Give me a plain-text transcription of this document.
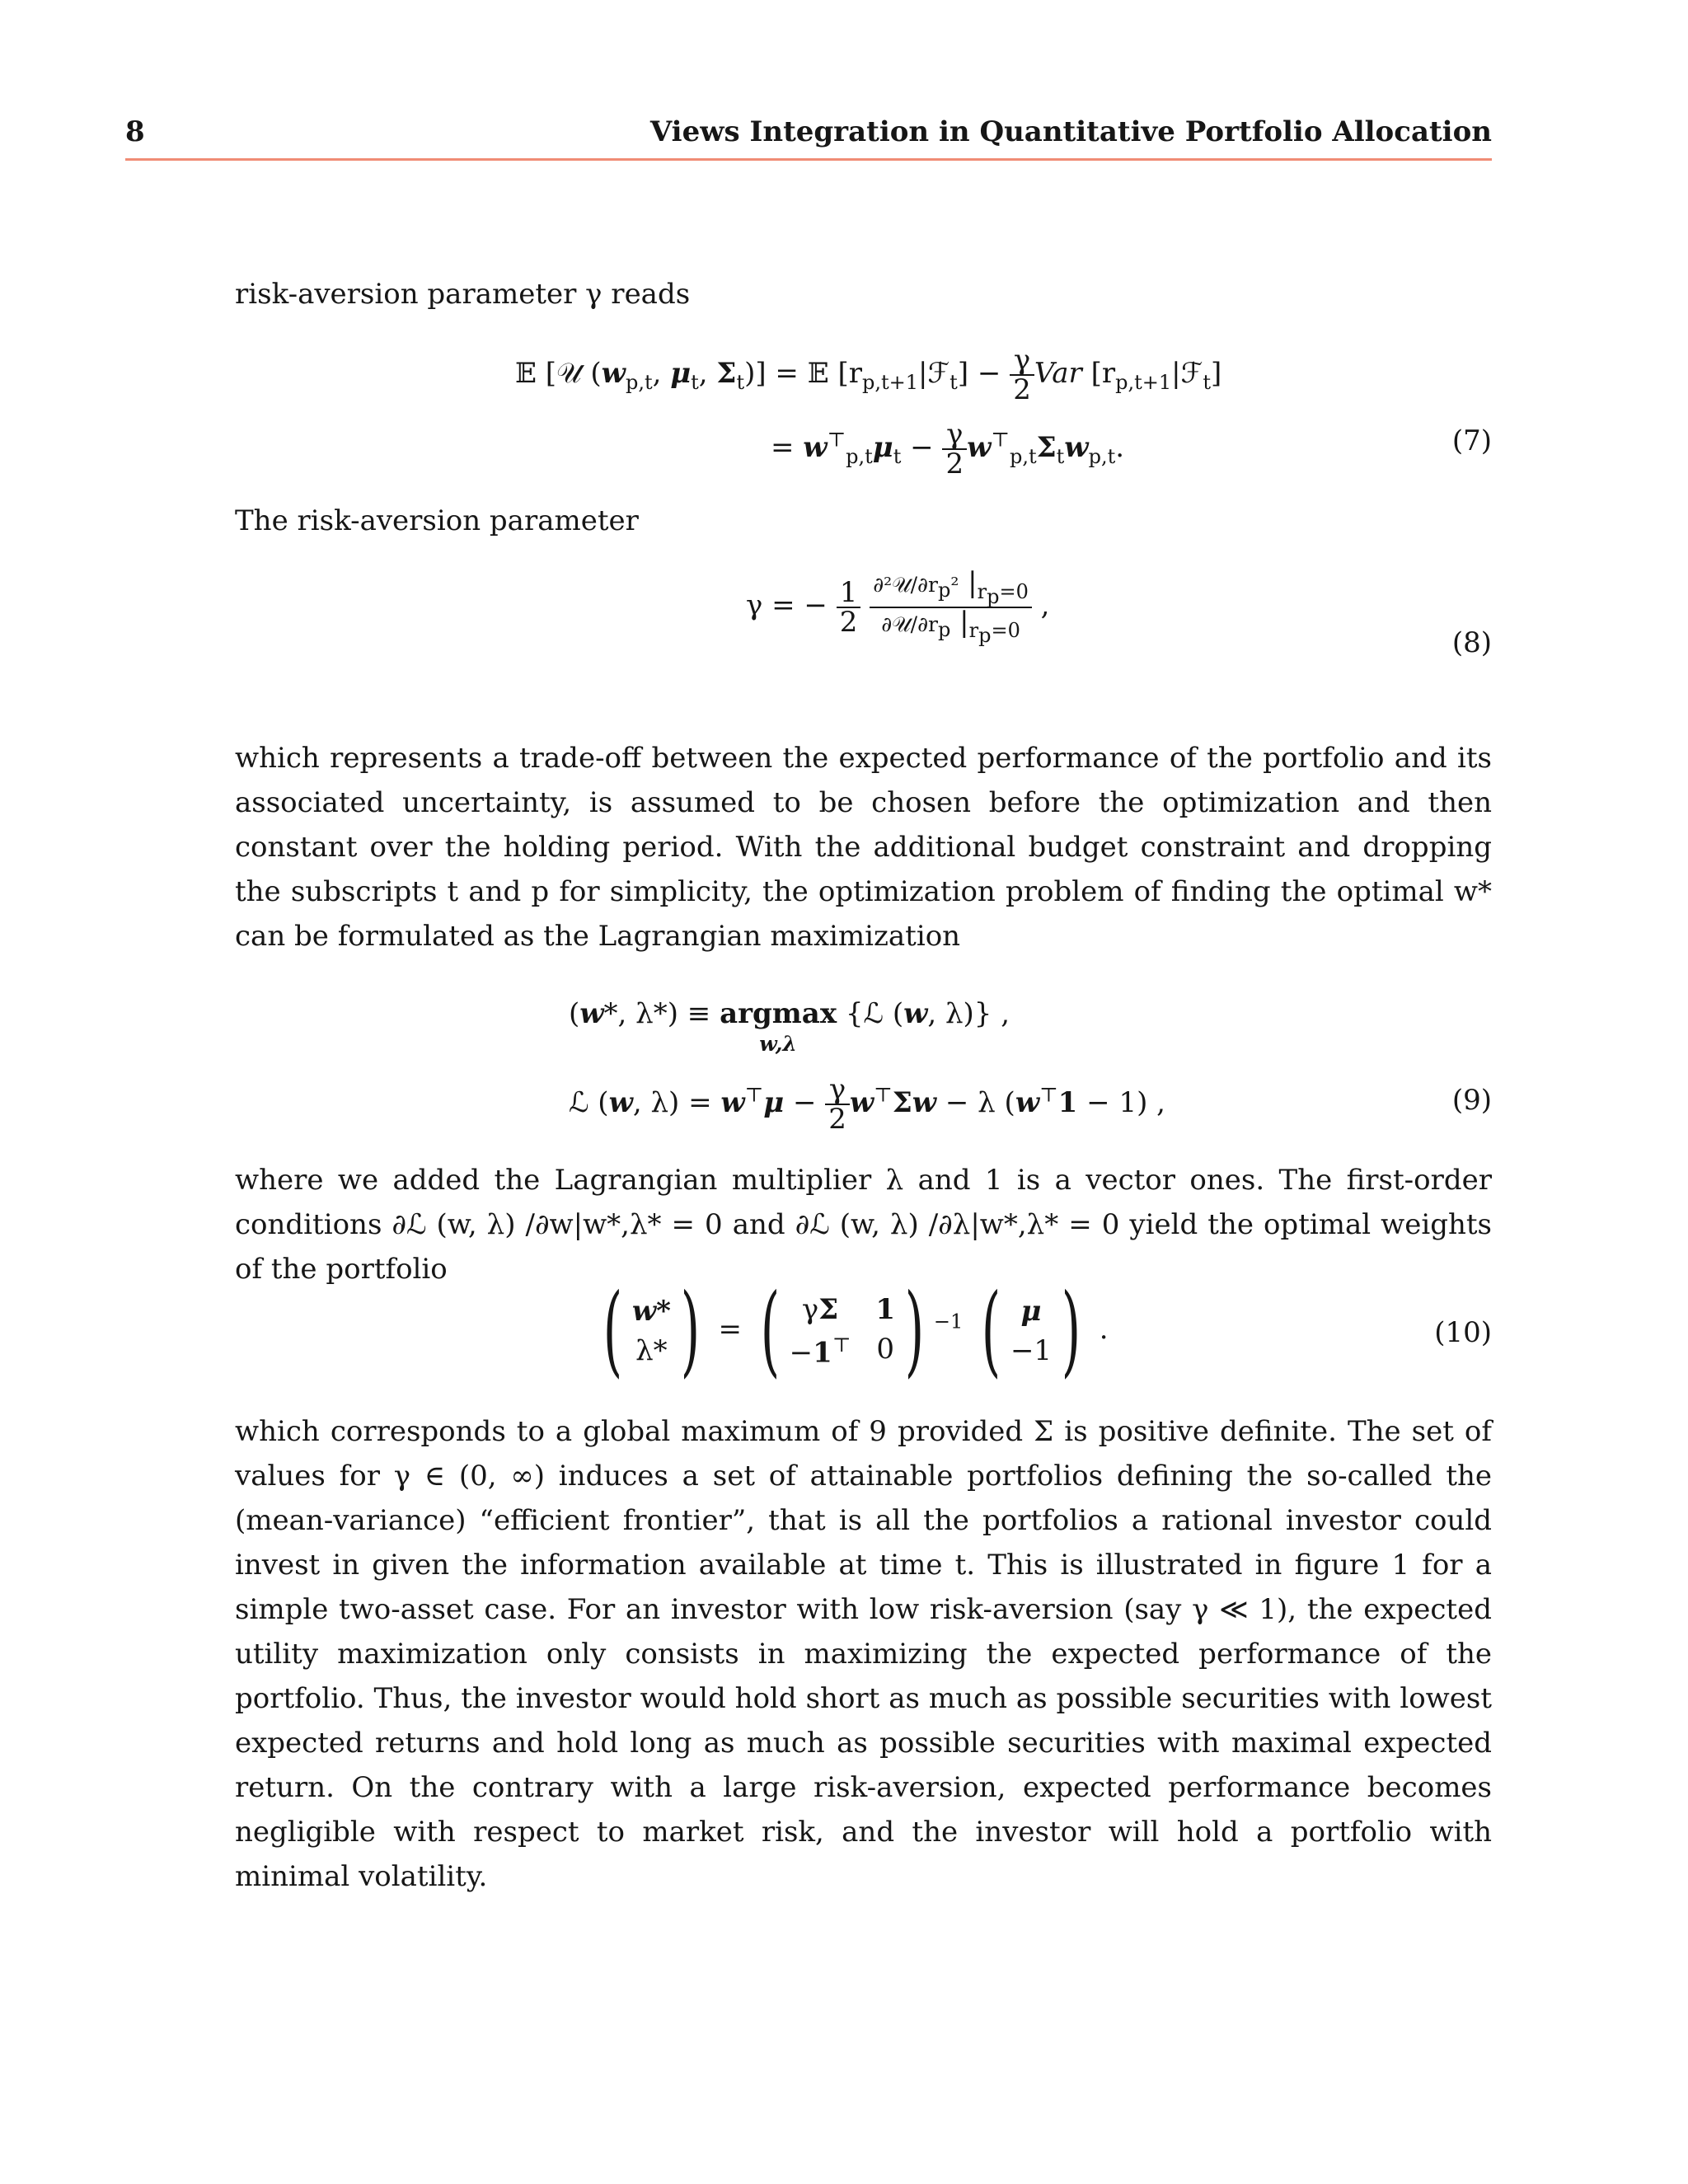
8	Views Integration in Quantitative Portfolio Allocation

risk-aversion parameter γ reads

𝔼 [𝒰 ($w_{p,t}$, $\mu_t$, $\Sigma_t$)] = 𝔼 $[r_{p,t+1}|ℱ_t] - \frac{\gamma}{2}$ Var $[r_{p,t+1}|ℱ_t]$
= $w^⊤_{p,t}\mu_t - \frac{\gamma}{2} w^⊤_{p,t}\Sigma_tw_{p,t}$.	(7)

The risk-aversion parameter

γ = − $\frac{1}{2}$
$\frac{\partial^2𝒰/\partial r_p^2 |_{r_p=0}}{\partial 𝒰/\partial r_p |_{r_p=0}}$ ,
(8)

which represents a trade-off between the expected performance of the portfolio and its associated uncertainty, is assumed to be chosen before the optimization and then constant over the holding period. With the additional budget constraint and dropping the subscripts t and p for simplicity, the optimization problem of finding the optimal w* can be formulated as the Lagrangian maximization

(w*, λ*) ≡ argmax
w,λ {ℒ (w, λ)} ,
ℒ (w, $\lambda) = w^⊤\mu - \frac{\gamma}{2} w^⊤\Sigma w - \lambda$ (w⊤1 − 1) ,	(9)

where we added the Lagrangian multiplier λ and 1 is a vector ones. The first-order conditions ∂ℒ (w, λ) /∂w|w*,λ* = 0 and ∂ℒ (w, λ) /∂λ|w*,λ* = 0 yield the optimal weights of the portfolio

( w*
λ* ) = ( γΣ	1
−1⊤ 0 ) $^{-1}$ ( μ
−1 ) .	(10)

which corresponds to a global maximum of 9 provided Σ is positive definite. The set of values for γ ∈ (0, ∞) induces a set of attainable portfolios defining the so-called the (mean-variance) “efficient frontier”, that is all the portfolios a rational investor could invest in given the information available at time t. This is illustrated in figure 1 for a simple two-asset case. For an investor with low risk-aversion (say γ ≪ 1), the expected utility maximization only consists in maximizing the expected performance of the portfolio. Thus, the investor would hold short as much as possible securities with lowest expected returns and hold long as much as possible securities with maximal expected return. On the contrary with a large risk-aversion, expected performance becomes negligible with respect to market risk, and the investor will hold a portfolio with minimal volatility.
